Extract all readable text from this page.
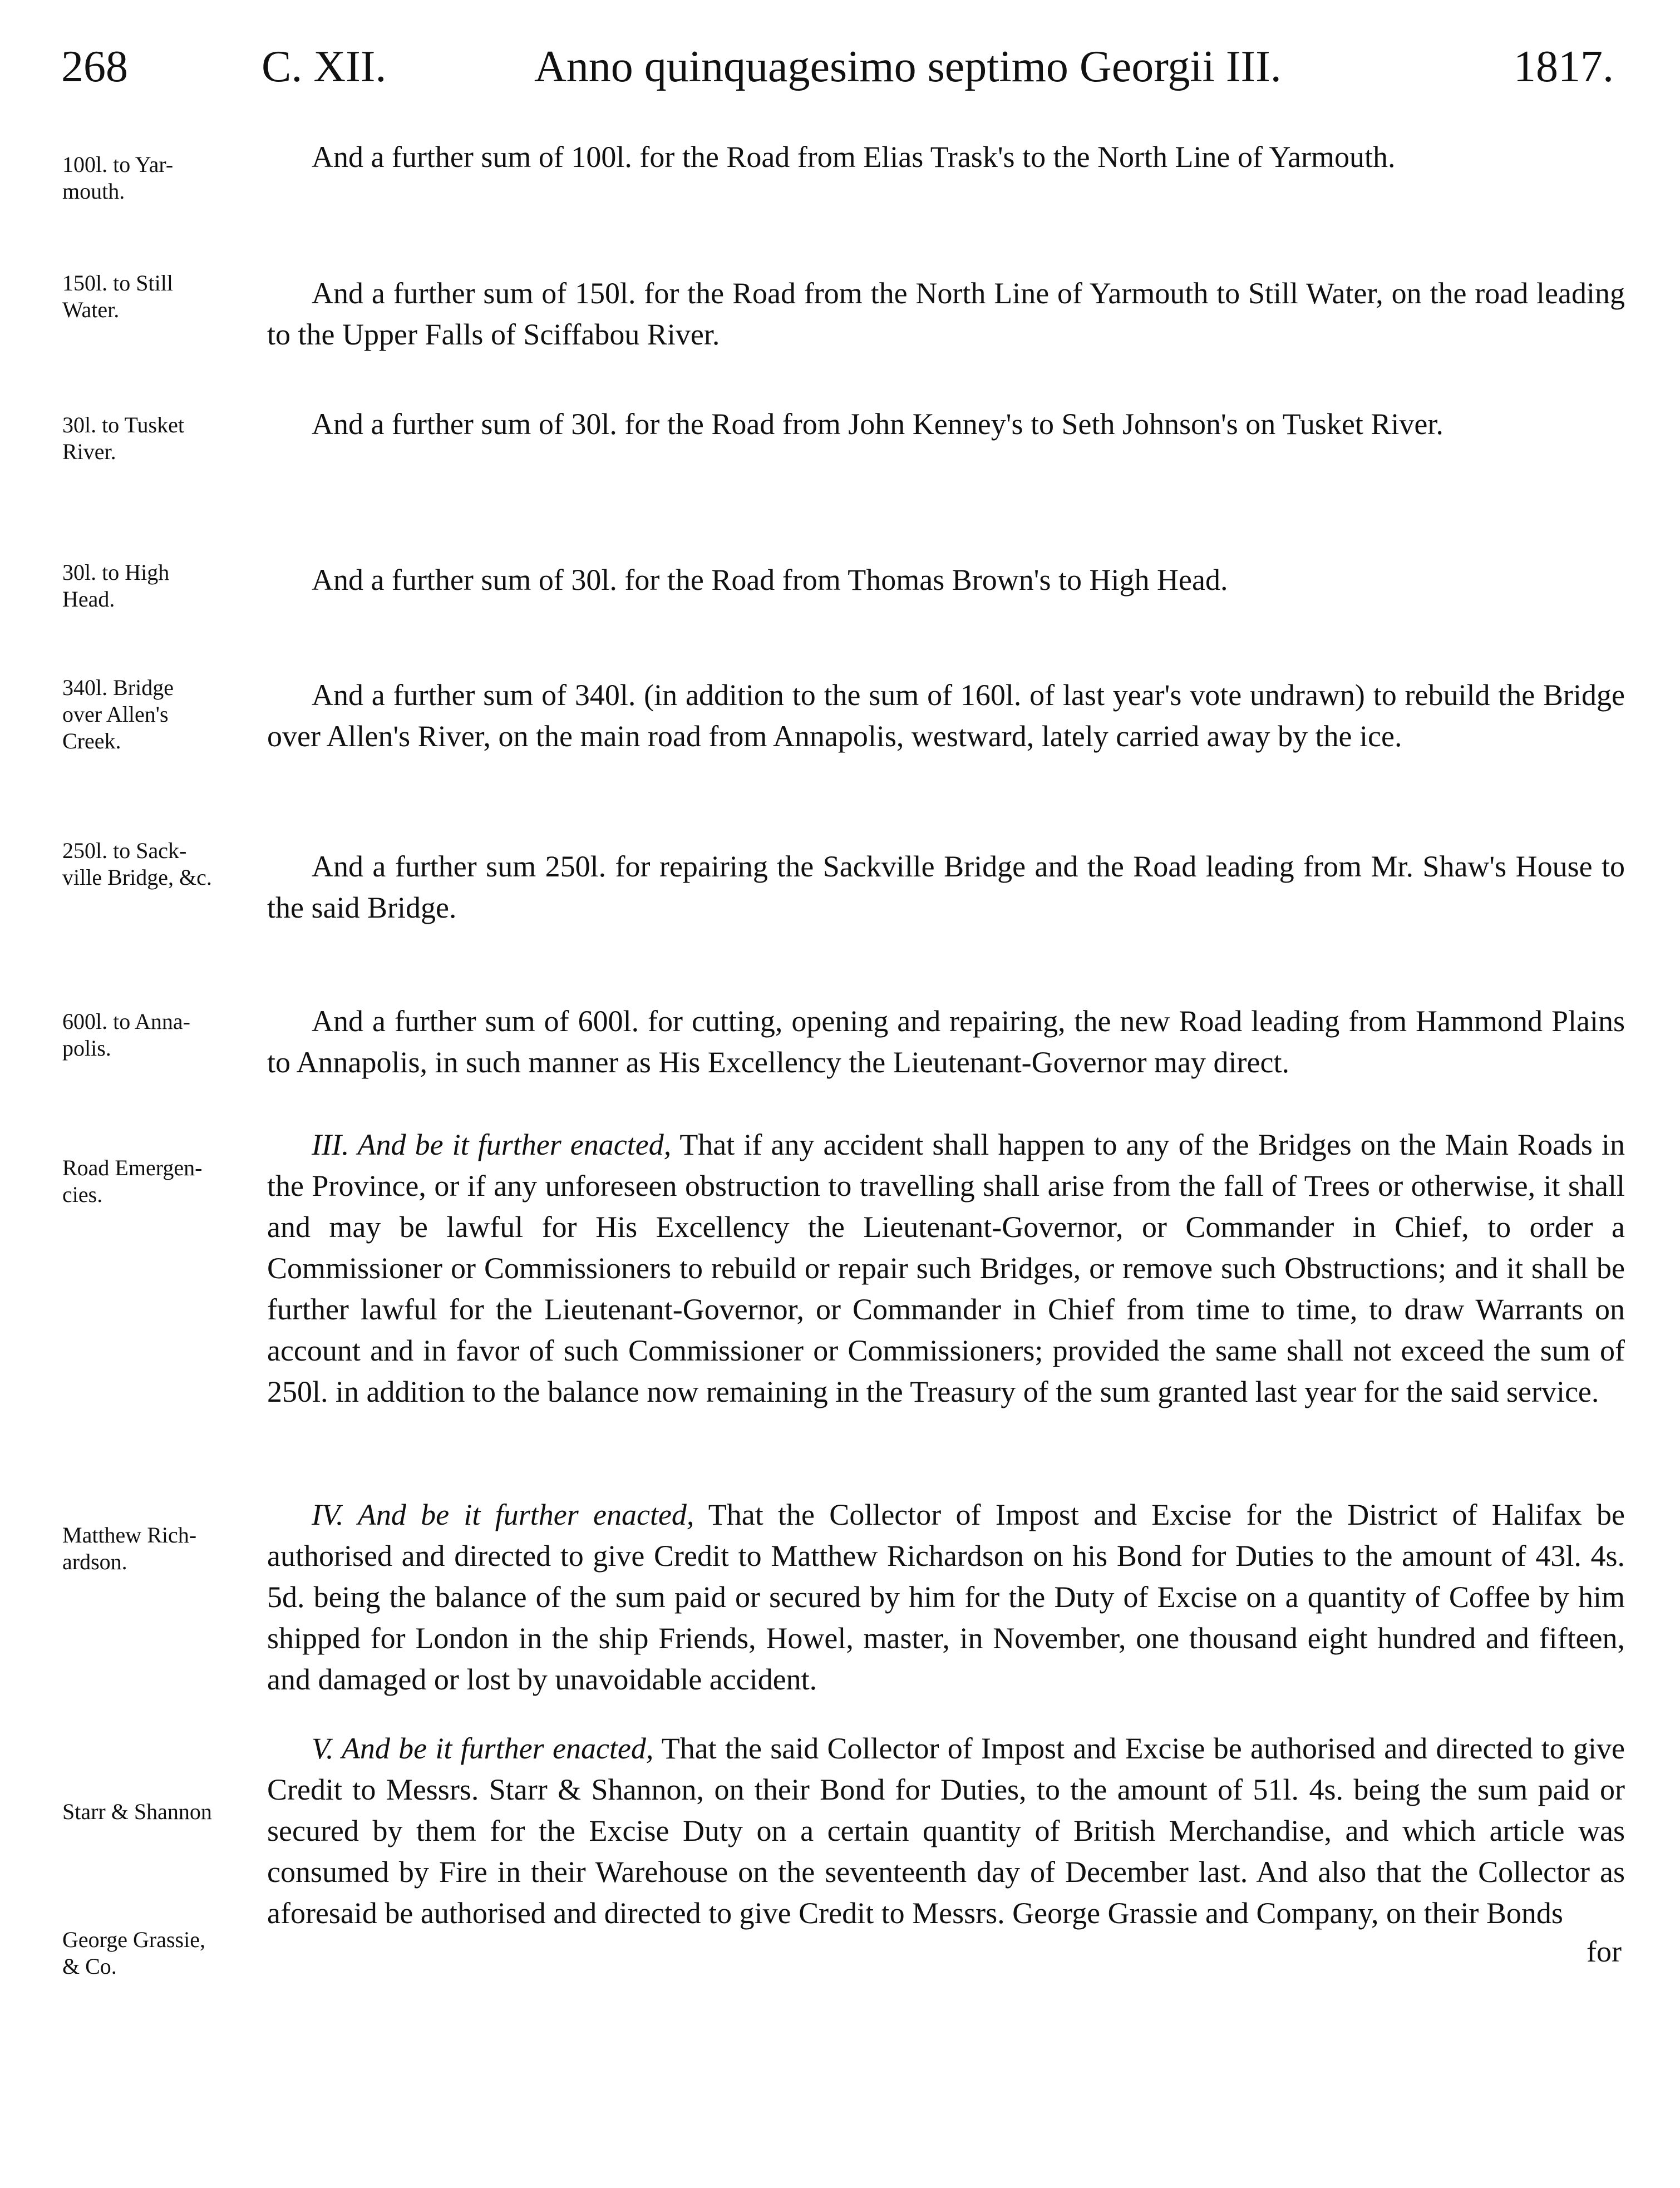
268	C. XII.	Anno quinquagesimo septimo Georgii III.	1817.
100l. to Yar-
mouth.
150l. to Still
Water.
30l. to Tusket
River.
30l. to High
Head.
340l. Bridge
over Allen's
Creek.
250l. to Sack-
ville Bridge, &c.
600l. to Anna-
polis.
Road Emergen-
cies.
Matthew Rich-
ardson.
Starr & Shannon
George Grassie,
& Co.
And a further sum of 100l. for the Road from Elias Trask's to the North Line of Yarmouth.
And a further sum of 150l. for the Road from the North Line of Yarmouth to Still Water, on the road leading to the Upper Falls of Sciffabou River.
And a further sum of 30l. for the Road from John Kenney's to Seth Johnson's on Tusket River.
And a further sum of 30l. for the Road from Thomas Brown's to High Head.
And a further sum of 340l. (in addition to the sum of 160l. of last year's vote undrawn) to rebuild the Bridge over Allen's River, on the main road from Annapolis, westward, lately carried away by the ice.
And a further sum 250l. for repairing the Sackville Bridge and the Road leading from Mr. Shaw's House to the said Bridge.
And a further sum of 600l. for cutting, opening and repairing, the new Road leading from Hammond Plains to Annapolis, in such manner as His Excellency the Lieutenant-Governor may direct.
III. And be it further enacted, That if any accident shall happen to any of the Bridges on the Main Roads in the Province, or if any unforeseen obstruction to travelling shall arise from the fall of Trees or otherwise, it shall and may be lawful for His Excellency the Lieutenant-Governor, or Commander in Chief, to order a Commissioner or Commissioners to rebuild or repair such Bridges, or remove such Obstructions; and it shall be further lawful for the Lieutenant-Governor, or Commander in Chief from time to time, to draw Warrants on account and in favor of such Commissioner or Commissioners; provided the same shall not exceed the sum of 250l. in addition to the balance now remaining in the Treasury of the sum granted last year for the said service.
IV. And be it further enacted, That the Collector of Impost and Excise for the District of Halifax be authorised and directed to give Credit to Matthew Richardson on his Bond for Duties to the amount of 43l. 4s. 5d. being the balance of the sum paid or secured by him for the Duty of Excise on a quantity of Coffee by him shipped for London in the ship Friends, Howel, master, in November, one thousand eight hundred and fifteen, and damaged or lost by unavoidable accident.
V. And be it further enacted, That the said Collector of Impost and Excise be authorised and directed to give Credit to Messrs. Starr & Shannon, on their Bond for Duties, to the amount of 51l. 4s. being the sum paid or secured by them for the Excise Duty on a certain quantity of British Merchandise, and which article was consumed by Fire in their Warehouse on the seventeenth day of December last. And also that the Collector as aforesaid be authorised and directed to give Credit to Messrs. George Grassie and Company, on their Bonds
for
